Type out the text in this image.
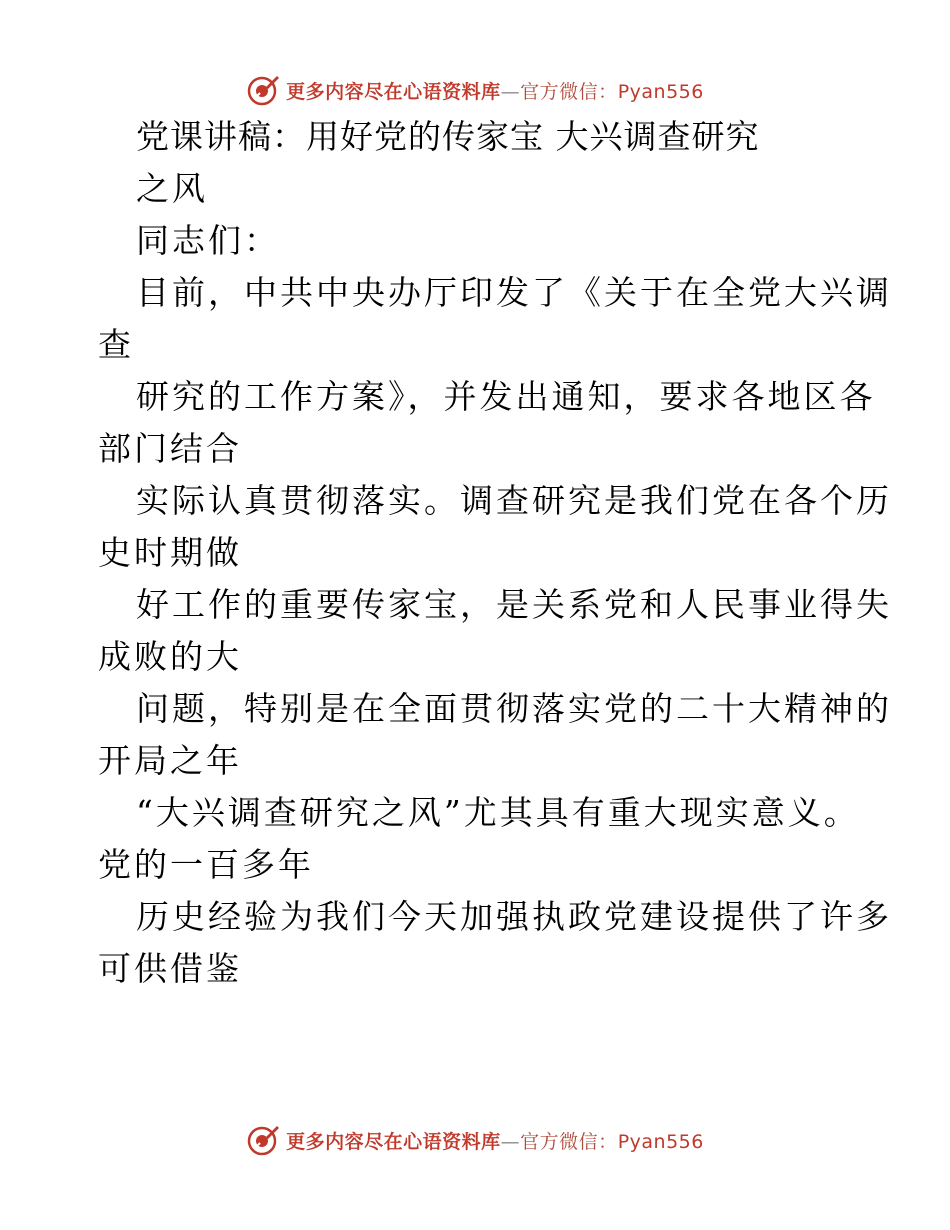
更多内容尽在心语资料库—官方微信：Pyan556
党课讲稿：用好党的传家宝 大兴调查研究
之风
同志们：
目前，中共中央办厅印发了《关于在全党大兴调
查
研究的工作方案》，并发出通知，要求各地区各
部门结合
实际认真贯彻落实。调查研究是我们党在各个历
史时期做
好工作的重要传家宝，是关系党和人民事业得失
成败的大
问题，特别是在全面贯彻落实党的二十大精神的
开局之年
“大兴调查研究之风”尤其具有重大现实意义。
党的一百多年
历史经验为我们今天加强执政党建设提供了许多
可供借鉴
更多内容尽在心语资料库—官方微信：Pyan556
